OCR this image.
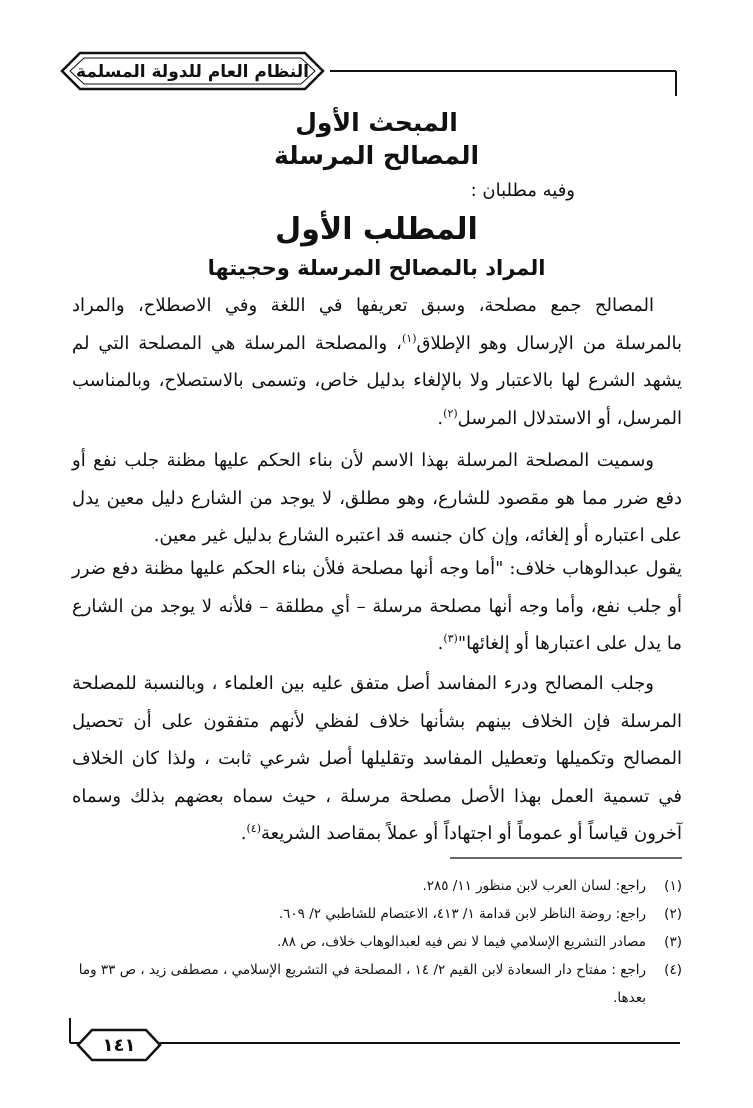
النظام العام للدولة المسلمة
المبحث الأول
المصالح المرسلة
وفيه مطلبان :
المطلب الأول
المراد بالمصالح المرسلة وحجيتها

المصالح جمع مصلحة، وسبق تعريفها في اللغة وفي الاصطلاح، والمراد بالمرسلة من الإرسال وهو الإطلاق$^{(١)}$، والمصلحة المرسلة هي المصلحة التي لم يشهد الشرع لها بالاعتبار ولا بالإلغاء بدليل خاص، وتسمى بالاستصلاح، وبالمناسب المرسل، أو الاستدلال المرسل$^{(٢)}$.

وسميت المصلحة المرسلة بهذا الاسم لأن بناء الحكم عليها مظنة جلب نفع أو دفع ضرر مما هو مقصود للشارع، وهو مطلق، لا يوجد من الشارع دليل معين يدل على اعتباره أو إلغائه، وإن كان جنسه قد اعتبره الشارع بدليل غير معين.

يقول عبدالوهاب خلاف: "أما وجه أنها مصلحة فلأن بناء الحكم عليها مظنة دفع ضرر أو جلب نفع، وأما وجه أنها مصلحة مرسلة – أي مطلقة – فلأنه لا يوجد من الشارع ما يدل على اعتبارها أو إلغائها"$^{(٣)}$.

وجلب المصالح ودرء المفاسد أصل متفق عليه بين العلماء ، وبالنسبة للمصلحة المرسلة فإن الخلاف بينهم بشأنها خلاف لفظي لأنهم متفقون على أن تحصيل المصالح وتكميلها وتعطيل المفاسد وتقليلها أصل شرعي ثابت ، ولذا كان الخلاف في تسمية العمل بهذا الأصل مصلحة مرسلة ، حيث سماه بعضهم بذلك وسماه آخرون قياساً أو عموماً أو اجتهاداً أو عملاً بمقاصد الشريعة$^{(٤)}$.

(١)
راجع: لسان العرب لابن منظور ١١/ ٢٨٥.
(٢)
راجع: روضة الناظر لابن قدامة ١/ ٤١٣، الاعتصام للشاطبي ٢/ ٦٠٩.
(٣)
مصادر التشريع الإسلامي فيما لا نص فيه لعبدالوهاب خلاف، ص ٨٨.
(٤)
راجع : مفتاح دار السعادة لابن القيم ٢/ ١٤ ، المصلحة في التشريع الإسلامي ، مصطفى زيد ، ص ٣٣ وما بعدها.
١٤١
